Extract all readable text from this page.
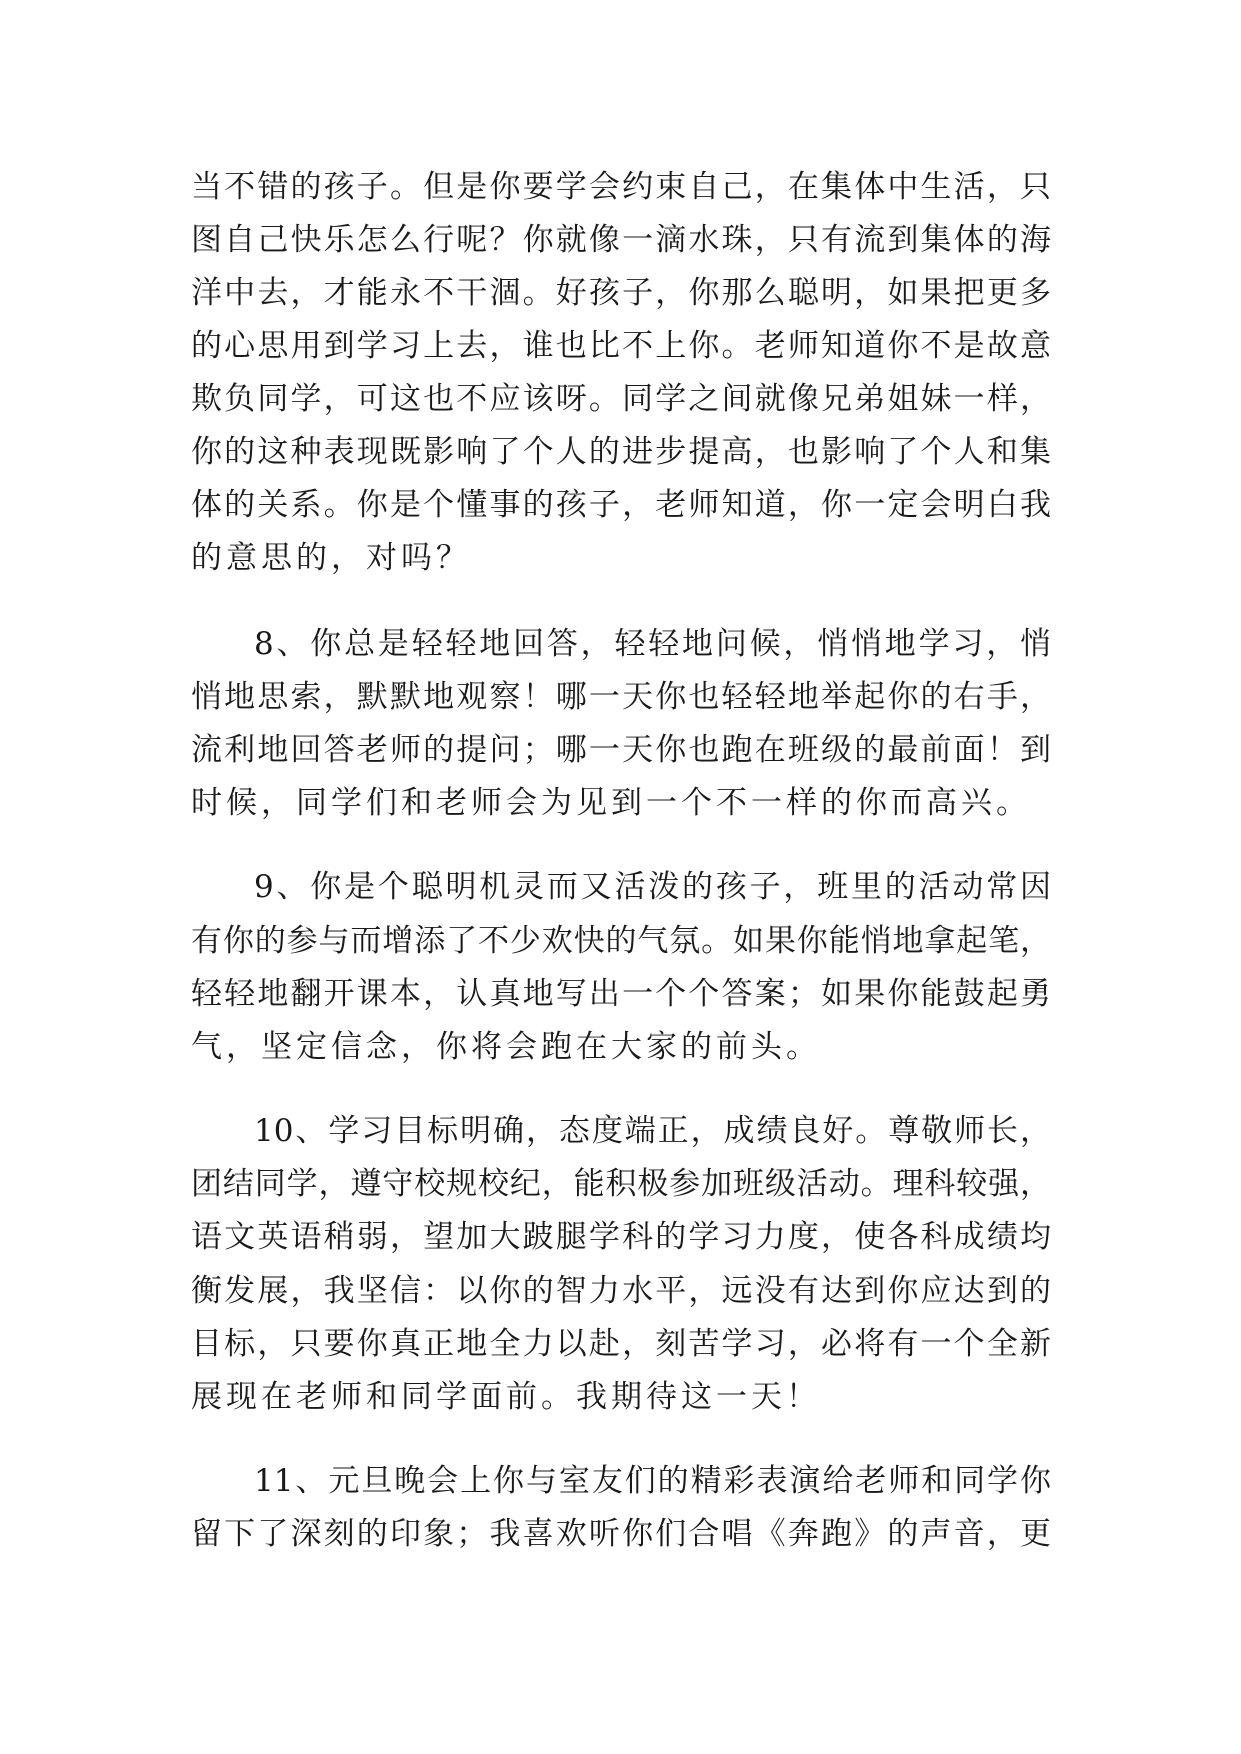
当不错的孩子。但是你要学会约束自己，在集体中生活，只

图自己快乐怎么行呢？你就像一滴水珠，只有流到集体的海

洋中去，才能永不干涸。好孩子，你那么聪明，如果把更多

的心思用到学习上去，谁也比不上你。老师知道你不是故意

欺负同学，可这也不应该呀。同学之间就像兄弟姐妹一样，

你的这种表现既影响了个人的进步提高，也影响了个人和集

体的关系。你是个懂事的孩子，老师知道，你一定会明白我

的意思的，对吗？

8、你总是轻轻地回答，轻轻地问候，悄悄地学习，悄

悄地思索，默默地观察！哪一天你也轻轻地举起你的右手，

流利地回答老师的提问；哪一天你也跑在班级的最前面！到

时候，同学们和老师会为见到一个不一样的你而高兴。

9、你是个聪明机灵而又活泼的孩子，班里的活动常因

有你的参与而增添了不少欢快的气氛。如果你能悄地拿起笔，

轻轻地翻开课本，认真地写出一个个答案；如果你能鼓起勇

气，坚定信念，你将会跑在大家的前头。

10、学习目标明确，态度端正，成绩良好。尊敬师长，

团结同学，遵守校规校纪，能积极参加班级活动。理科较强，

语文英语稍弱，望加大跛腿学科的学习力度，使各科成绩均

衡发展，我坚信：以你的智力水平，远没有达到你应达到的

目标，只要你真正地全力以赴，刻苦学习，必将有一个全新

展现在老师和同学面前。我期待这一天！

11、元旦晚会上你与室友们的精彩表演给老师和同学你

留下了深刻的印象；我喜欢听你们合唱《奔跑》的声音，更
